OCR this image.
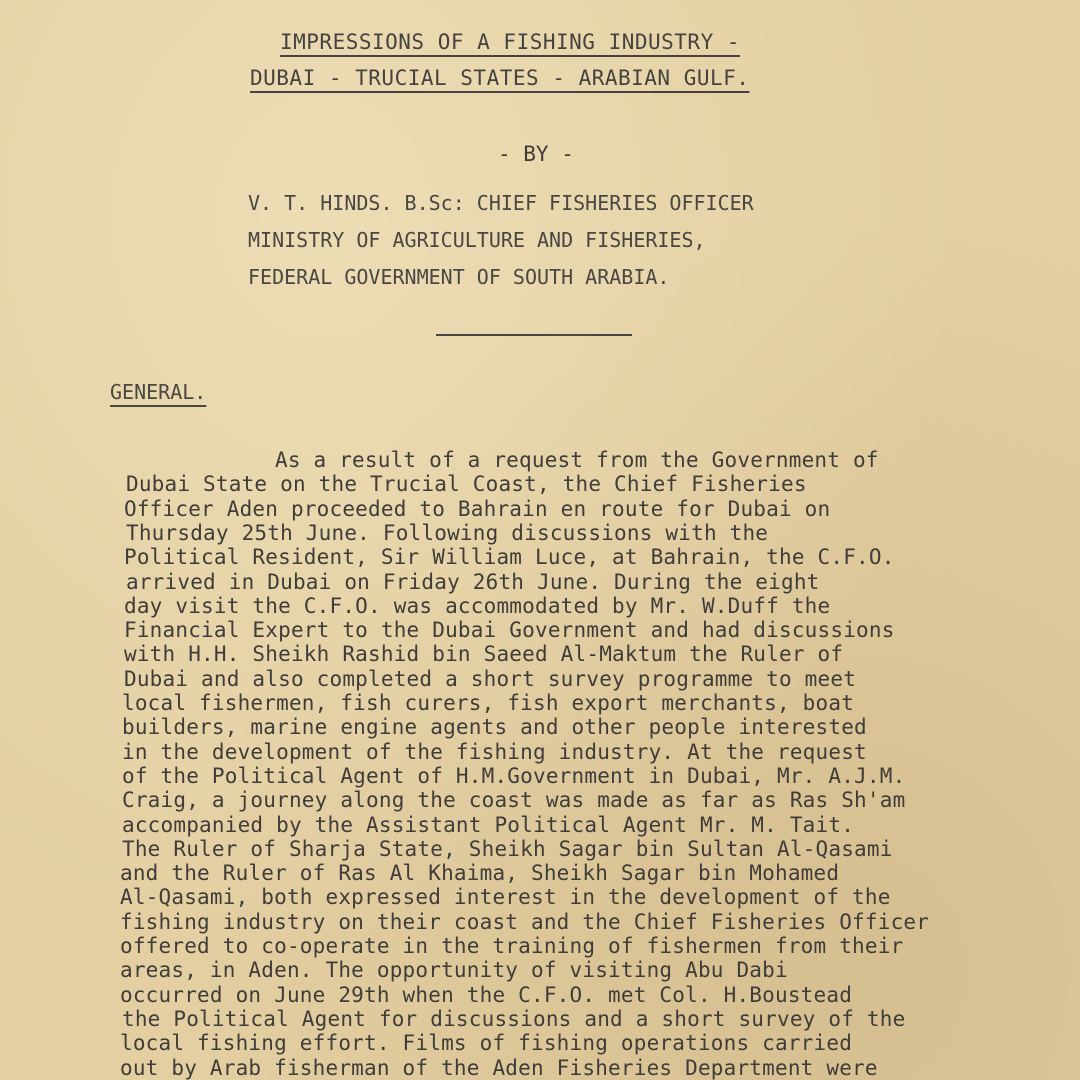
IMPRESSIONS OF A FISHING INDUSTRY -
DUBAI - TRUCIAL STATES - ARABIAN GULF.
- BY -
V. T. HINDS. B.Sc: CHIEF FISHERIES OFFICER
MINISTRY OF AGRICULTURE AND FISHERIES,
FEDERAL GOVERNMENT OF SOUTH ARABIA.
GENERAL.
As a result of a request from the Government of
Dubai State on the Trucial Coast, the Chief Fisheries
Officer Aden proceeded to Bahrain en route for Dubai on
Thursday 25th June. Following discussions with the
Political Resident, Sir William Luce, at Bahrain, the C.F.O.
arrived in Dubai on Friday 26th June. During the eight
day visit the C.F.O. was accommodated by Mr. W.Duff the
Financial Expert to the Dubai Government and had discussions
with H.H. Sheikh Rashid bin Saeed Al-Maktum the Ruler of
Dubai and also completed a short survey programme to meet
local fishermen, fish curers, fish export merchants, boat
builders, marine engine agents and other people interested
in the development of the fishing industry. At the request
of the Political Agent of H.M.Government in Dubai, Mr. A.J.M.
Craig, a journey along the coast was made as far as Ras Sh'am
accompanied by the Assistant Political Agent Mr. M. Tait.
The Ruler of Sharja State, Sheikh Sagar bin Sultan Al-Qasami
and the Ruler of Ras Al Khaima, Sheikh Sagar bin Mohamed
Al-Qasami, both expressed interest in the development of the
fishing industry on their coast and the Chief Fisheries Officer
offered to co-operate in the training of fishermen from their
areas, in Aden. The opportunity of visiting Abu Dabi
occurred on June 29th when the C.F.O. met Col. H.Boustead
the Political Agent for discussions and a short survey of the
local fishing effort. Films of fishing operations carried
out by Arab fisherman of the Aden Fisheries Department were
